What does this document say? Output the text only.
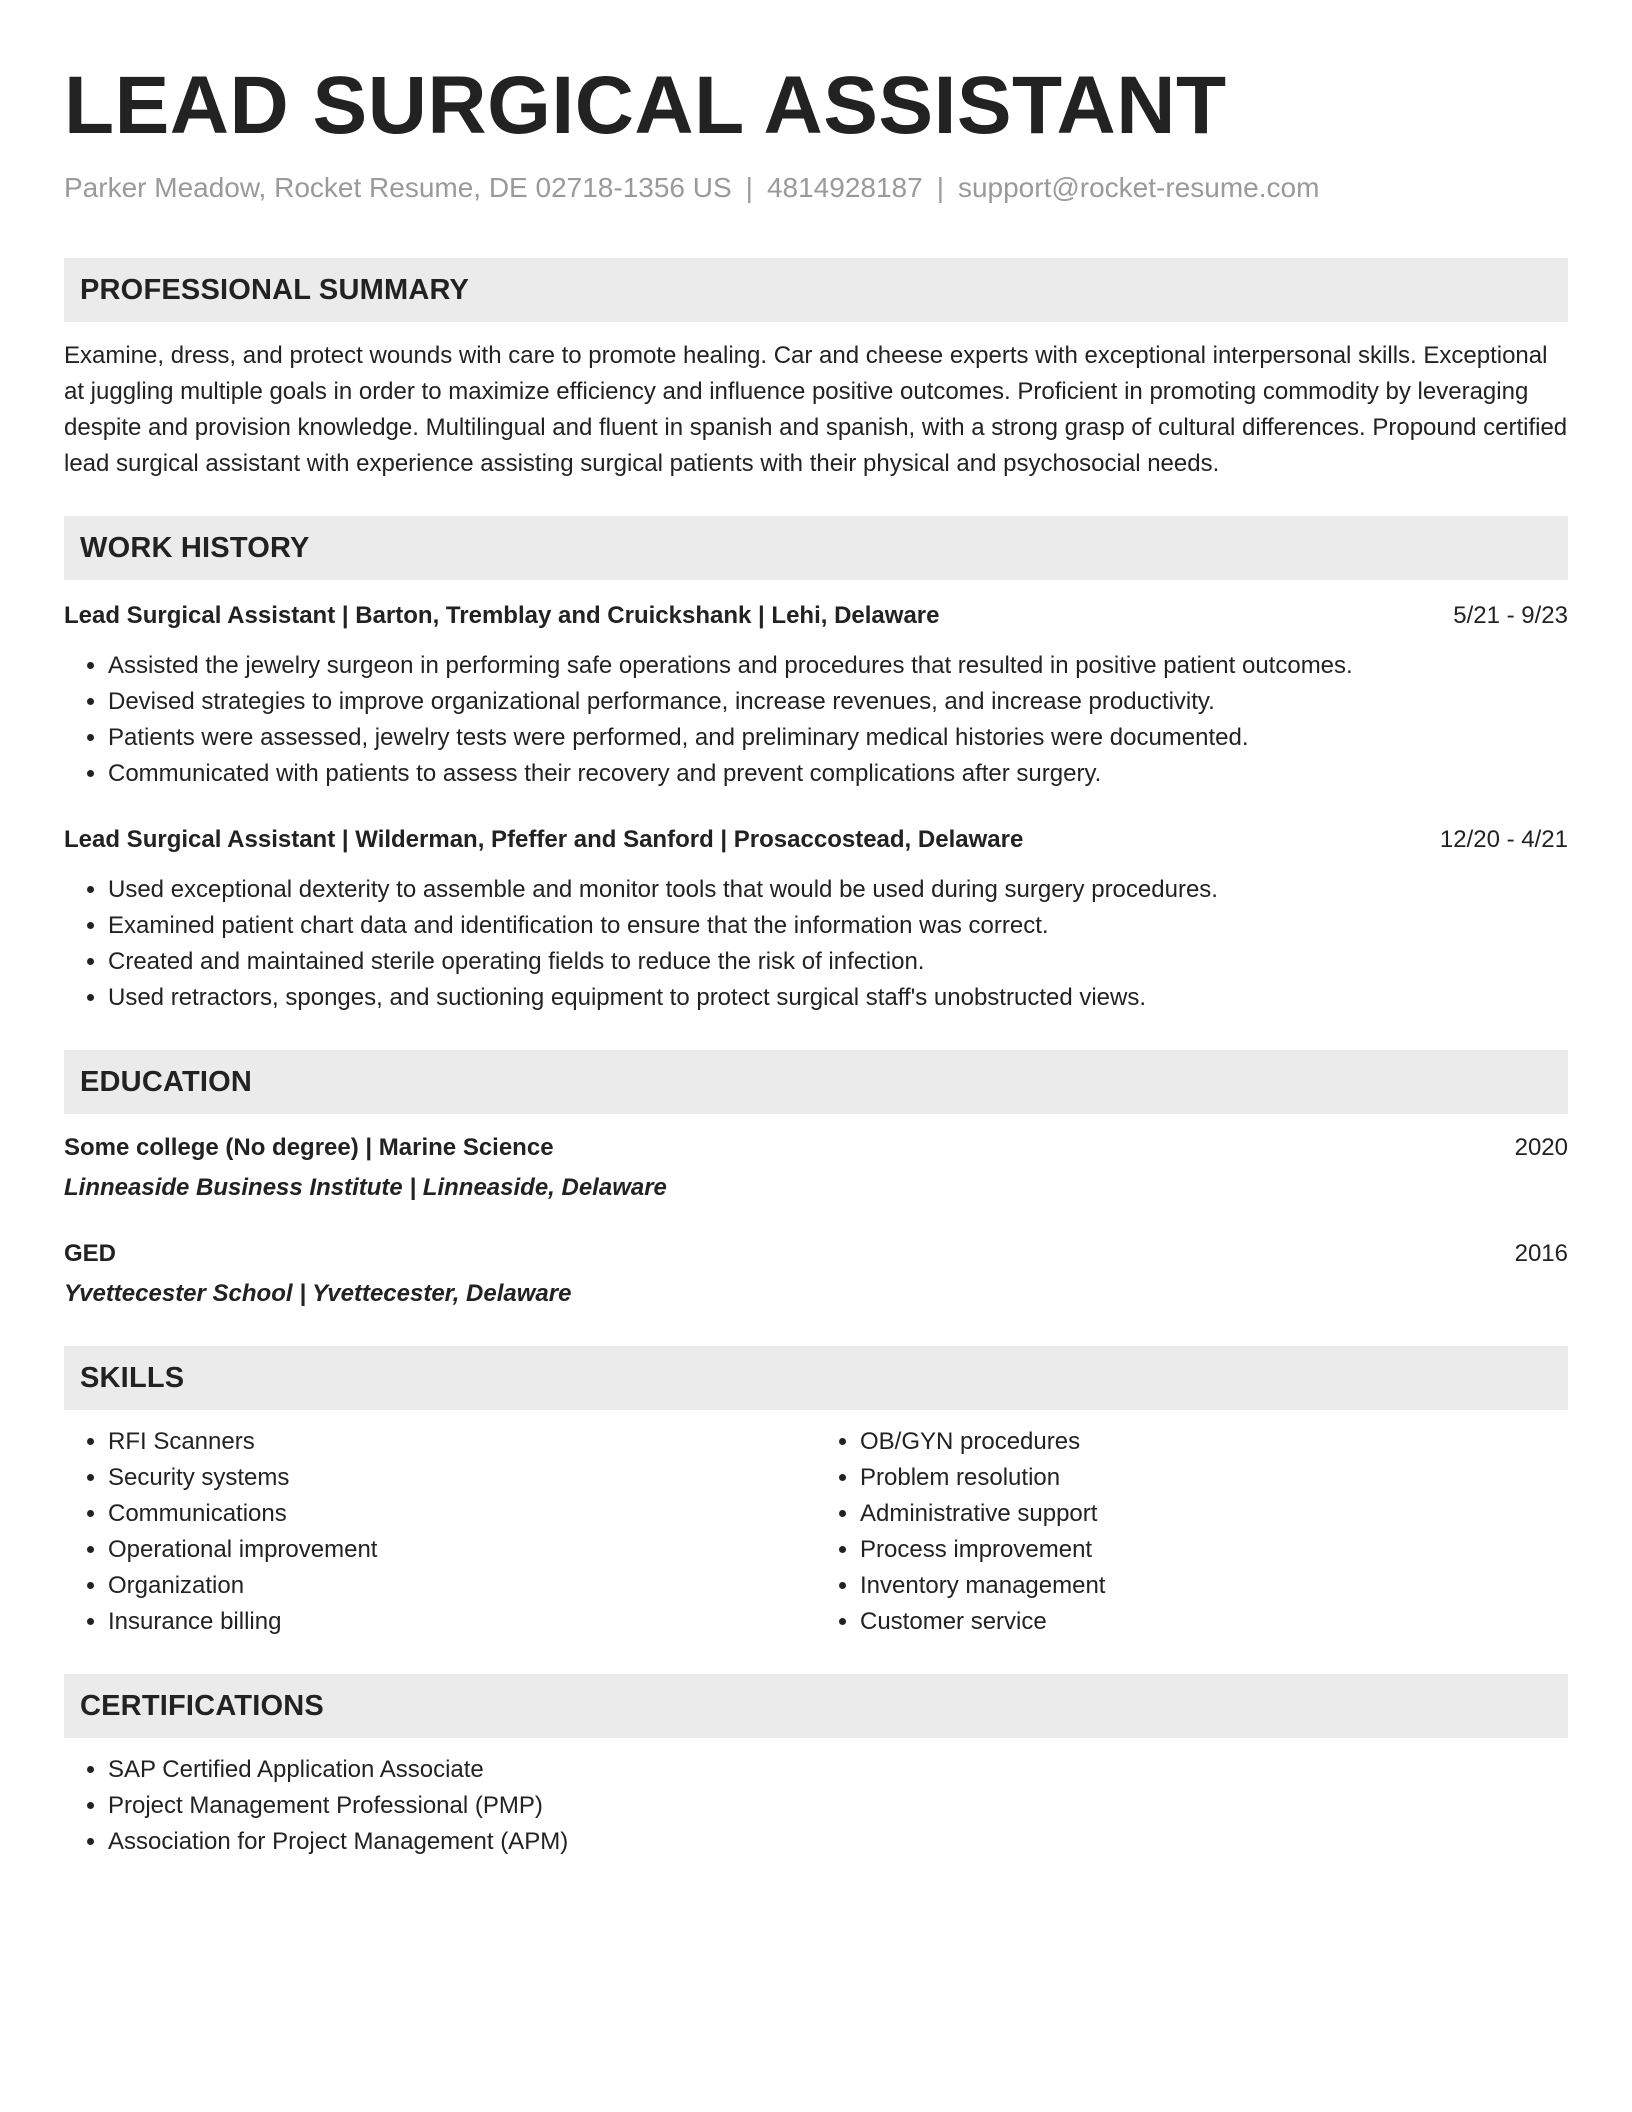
LEAD SURGICAL ASSISTANT
Parker Meadow, Rocket Resume, DE 02718-1356 US | 4814928187 | support@rocket-resume.com
PROFESSIONAL SUMMARY

Examine, dress, and protect wounds with care to promote healing. Car and cheese experts with exceptional interpersonal skills. Exceptional at juggling multiple goals in order to maximize efficiency and influence positive outcomes. Proficient in promoting commodity by leveraging despite and provision knowledge. Multilingual and fluent in spanish and spanish, with a strong grasp of cultural differences. Propound certified lead surgical assistant with experience assisting surgical patients with their physical and psychosocial needs.

WORK HISTORY
Lead Surgical Assistant | Barton, Tremblay and Cruickshank | Lehi, Delaware	5/21 - 9/23
• Assisted the jewelry surgeon in performing safe operations and procedures that resulted in positive patient outcomes.
• Devised strategies to improve organizational performance, increase revenues, and increase productivity.
• Patients were assessed, jewelry tests were performed, and preliminary medical histories were documented.
• Communicated with patients to assess their recovery and prevent complications after surgery.
Lead Surgical Assistant | Wilderman, Pfeffer and Sanford | Prosaccostead, Delaware	12/20 - 4/21
• Used exceptional dexterity to assemble and monitor tools that would be used during surgery procedures.
• Examined patient chart data and identification to ensure that the information was correct.
• Created and maintained sterile operating fields to reduce the risk of infection.
• Used retractors, sponges, and suctioning equipment to protect surgical staff's unobstructed views.
EDUCATION
Some college (No degree) | Marine Science	2020
Linneaside Business Institute | Linneaside, Delaware
GED	2016
Yvettecester School | Yvettecester, Delaware
SKILLS
• RFI Scanners
• Security systems
• Communications
• Operational improvement
• Organization
• Insurance billing
• OB/GYN procedures
• Problem resolution
• Administrative support
• Process improvement
• Inventory management
• Customer service
CERTIFICATIONS
• SAP Certified Application Associate
• Project Management Professional (PMP)
• Association for Project Management (APM)
